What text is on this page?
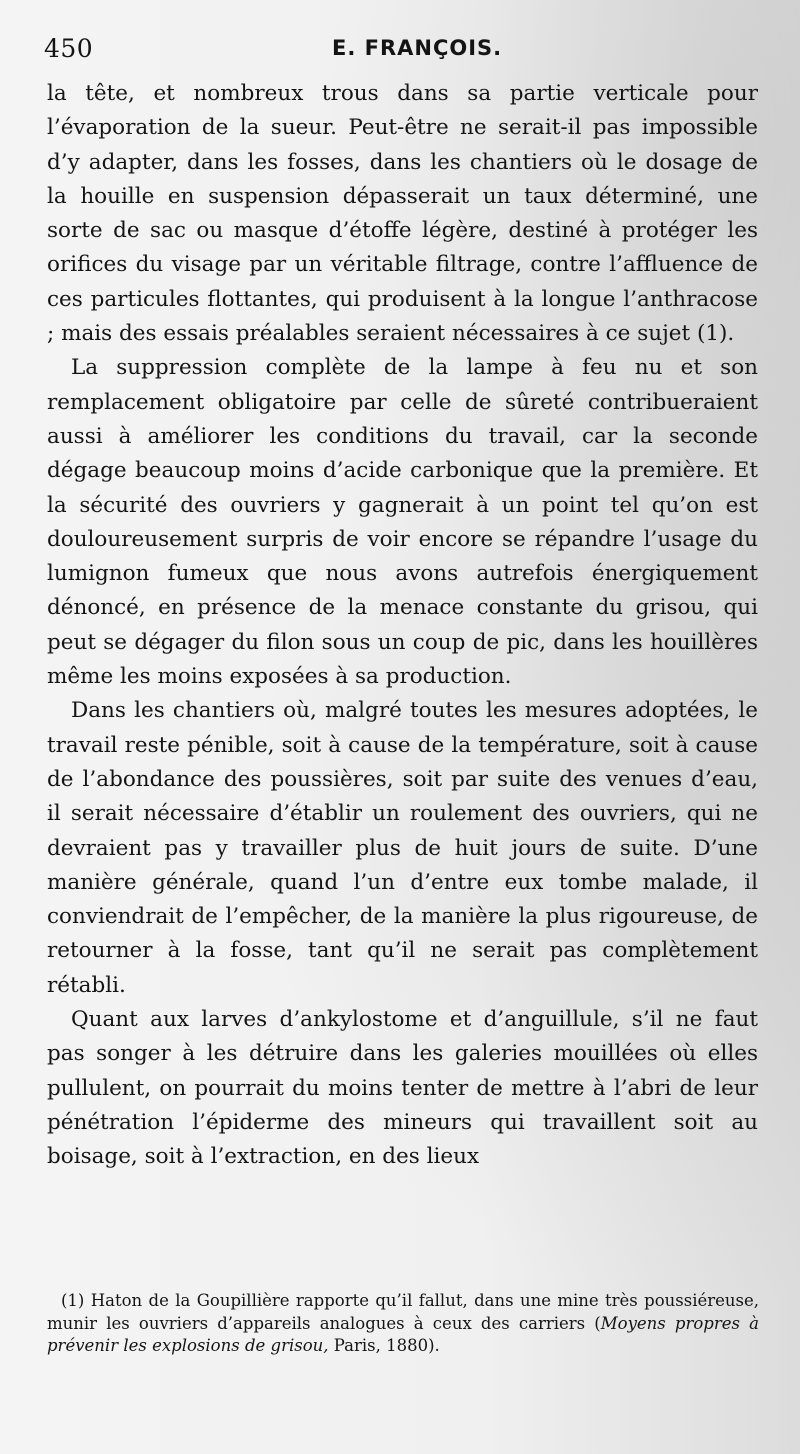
450	E. FRANÇOIS.

la tête, et nombreux trous dans sa partie verticale pour l’évaporation de la sueur. Peut-être ne serait-il pas impossible d’y adapter, dans les fosses, dans les chantiers où le dosage de la houille en suspension dépasserait un taux déterminé, une sorte de sac ou masque d’étoffe légère, destiné à protéger les orifices du visage par un véritable filtrage, contre l’affluence de ces particules flottantes, qui produisent à la longue l’anthracose ; mais des essais préalables seraient nécessaires à ce sujet (1).

La suppression complète de la lampe à feu nu et son remplacement obligatoire par celle de sûreté contribueraient aussi à améliorer les conditions du travail, car la seconde dégage beaucoup moins d’acide carbonique que la première. Et la sécurité des ouvriers y gagnerait à un point tel qu’on est douloureusement surpris de voir encore se répandre l’usage du lumignon fumeux que nous avons autrefois énergiquement dénoncé, en présence de la menace constante du grisou, qui peut se dégager du filon sous un coup de pic, dans les houillères même les moins exposées à sa production.

Dans les chantiers où, malgré toutes les mesures adoptées, le travail reste pénible, soit à cause de la température, soit à cause de l’abondance des poussières, soit par suite des venues d’eau, il serait nécessaire d’établir un roulement des ouvriers, qui ne devraient pas y travailler plus de huit jours de suite. D’une manière générale, quand l’un d’entre eux tombe malade, il conviendrait de l’empêcher, de la manière la plus rigoureuse, de retourner à la fosse, tant qu’il ne serait pas complètement rétabli.

Quant aux larves d’ankylostome et d’anguillule, s’il ne faut pas songer à les détruire dans les galeries mouillées où elles pullulent, on pourrait du moins tenter de mettre à l’abri de leur pénétration l’épiderme des mineurs qui travaillent soit au boisage, soit à l’extraction, en des lieux

(1) Haton de la Goupillière rapporte qu’il fallut, dans une mine très poussiéreuse, munir les ouvriers d’appareils analogues à ceux des carriers (Moyens propres à prévenir les explosions de grisou, Paris, 1880).
